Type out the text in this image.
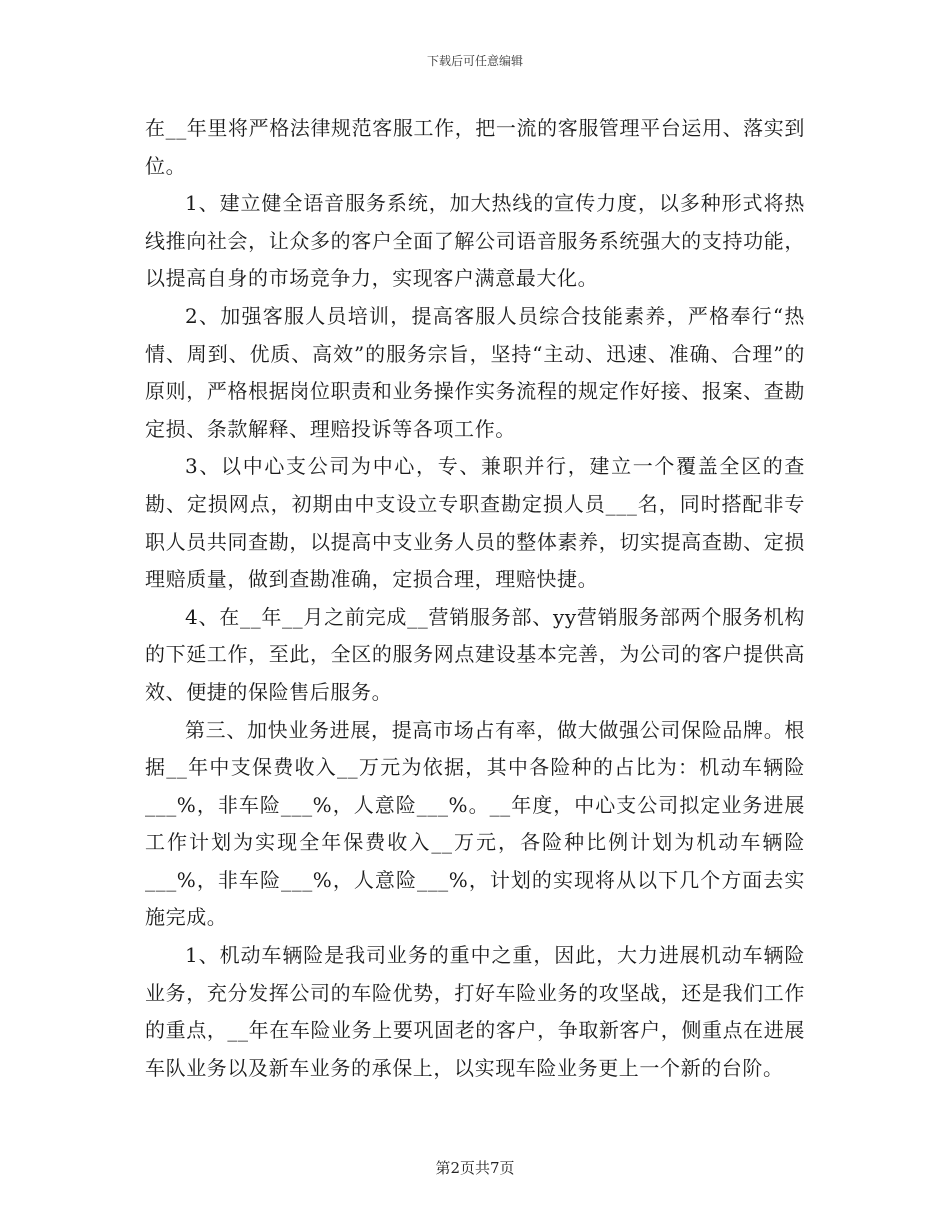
下载后可任意编辑

在__年里将严格法律规范客服工作，把一流的客服管理平台运用、落实到位。

1、建立健全语音服务系统，加大热线的宣传力度，以多种形式将热线推向社会，让众多的客户全面了解公司语音服务系统强大的支持功能，以提高自身的市场竞争力，实现客户满意最大化。

2、加强客服人员培训，提高客服人员综合技能素养，严格奉行“热情、周到、优质、高效”的服务宗旨，坚持“主动、迅速、准确、合理”的原则，严格根据岗位职责和业务操作实务流程的规定作好接、报案、查勘定损、条款解释、理赔投诉等各项工作。

3、以中心支公司为中心，专、兼职并行，建立一个覆盖全区的查勘、定损网点，初期由中支设立专职查勘定损人员___名，同时搭配非专职人员共同查勘，以提高中支业务人员的整体素养，切实提高查勘、定损理赔质量，做到查勘准确，定损合理，理赔快捷。

4、在__年__月之前完成__营销服务部、yy营销服务部两个服务机构的下延工作，至此，全区的服务网点建设基本完善，为公司的客户提供高效、便捷的保险售后服务。

第三、加快业务进展，提高市场占有率，做大做强公司保险品牌。根据__年中支保费收入__万元为依据，其中各险种的占比为：机动车辆险___%，非车险___%，人意险___%。__年度，中心支公司拟定业务进展工作计划为实现全年保费收入__万元，各险种比例计划为机动车辆险___%，非车险___%，人意险___%，计划的实现将从以下几个方面去实施完成。

1、机动车辆险是我司业务的重中之重，因此，大力进展机动车辆险业务，充分发挥公司的车险优势，打好车险业务的攻坚战，还是我们工作的重点，__年在车险业务上要巩固老的客户，争取新客户，侧重点在进展车队业务以及新车业务的承保上，以实现车险业务更上一个新的台阶。

第2页共7页
